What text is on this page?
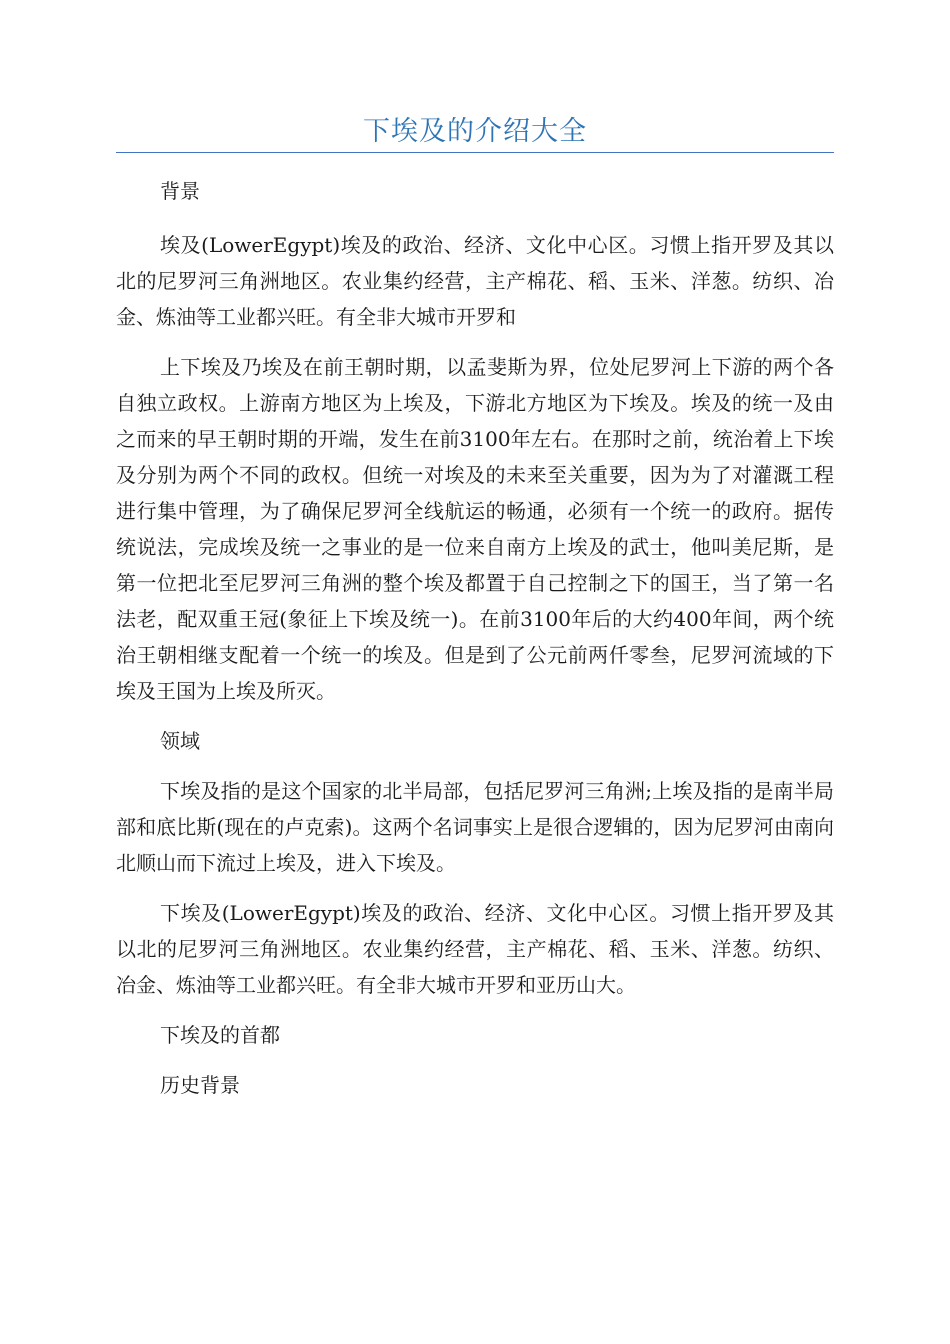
下埃及的介绍大全

背景

埃及(LowerEgypt)埃及的政治、经济、文化中心区。习惯上指开罗及其以北的尼罗河三角洲地区。农业集约经营，主产棉花、稻、玉米、洋葱。纺织、冶金、炼油等工业都兴旺。有全非大城市开罗和

上下埃及乃埃及在前王朝时期，以孟斐斯为界，位处尼罗河上下游的两个各自独立政权。上游南方地区为上埃及，下游北方地区为下埃及。埃及的统一及由之而来的早王朝时期的开端，发生在前3100年左右。在那时之前，统治着上下埃及分别为两个不同的政权。但统一对埃及的未来至关重要，因为为了对灌溉工程进行集中管理，为了确保尼罗河全线航运的畅通，必须有一个统一的政府。据传统说法，完成埃及统一之事业的是一位来自南方上埃及的武士，他叫美尼斯，是第一位把北至尼罗河三角洲的整个埃及都置于自己控制之下的国王，当了第一名法老，配双重王冠(象征上下埃及统一)。在前3100年后的大约400年间，两个统治王朝相继支配着一个统一的埃及。但是到了公元前两仟零叁，尼罗河流域的下埃及王国为上埃及所灭。

领域

下埃及指的是这个国家的北半局部，包括尼罗河三角洲;上埃及指的是南半局部和底比斯(现在的卢克索)。这两个名词事实上是很合逻辑的，因为尼罗河由南向北顺山而下流过上埃及，进入下埃及。

下埃及(LowerEgypt)埃及的政治、经济、文化中心区。习惯上指开罗及其以北的尼罗河三角洲地区。农业集约经营，主产棉花、稻、玉米、洋葱。纺织、冶金、炼油等工业都兴旺。有全非大城市开罗和亚历山大。

下埃及的首都

历史背景
